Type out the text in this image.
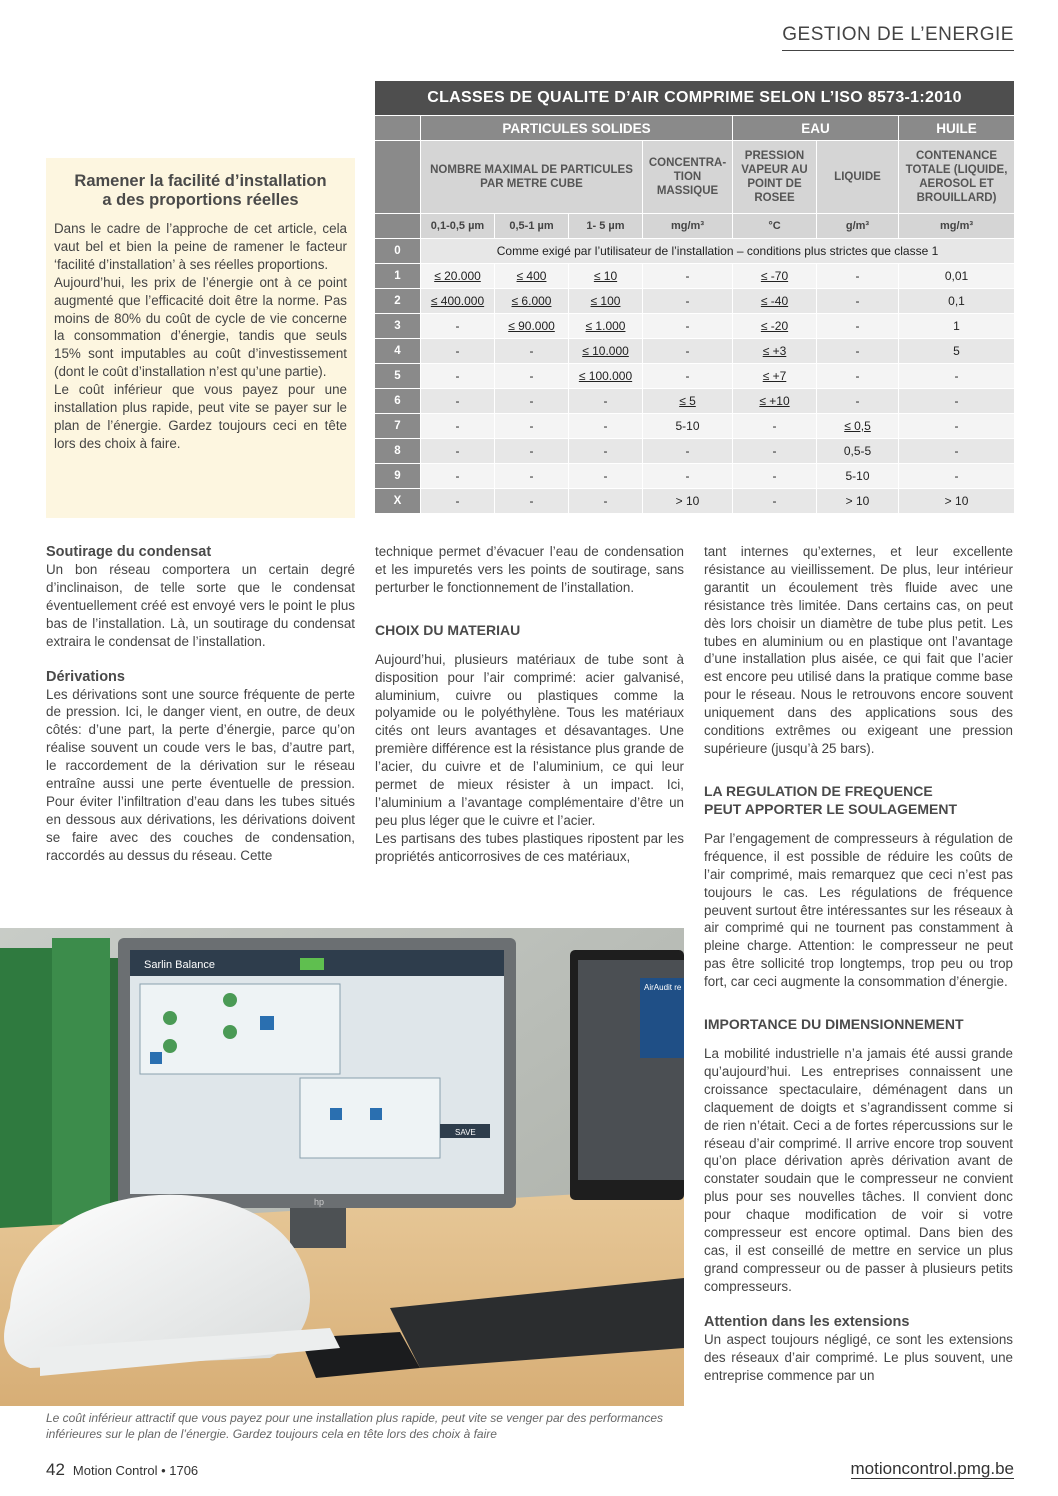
GESTION DE L’ENERGIE
Ramener la facilité d’installation
a des proportions réelles

Dans le cadre de l’approche de cet article, cela vaut bel et bien la peine de ramener le facteur ‘facilité d’installation’ à ses réelles proportions.

Aujourd’hui, les prix de l’énergie ont à ce point augmenté que l’efficacité doit être la norme. Pas moins de 80% du coût de cycle de vie concerne la consommation d’énergie, tandis que seuls 15% sont imputables au coût d’investissement (dont le coût d’installation n’est qu’une partie).

Le coût inférieur que vous payez pour une installation plus rapide, peut vite se payer sur le plan de l’énergie. Gardez toujours ceci en tête lors des choix à faire.

CLASSES DE QUALITE D’AIR COMPRIME SELON L’ISO 8573-1:2010							
	PARTICULES SOLIDES				EAU		HUILE
	NOMBRE MAXIMAL DE PARTICULES PAR METRE CUBE			CONCENTRA-TION MASSIQUE	PRESSION VAPEUR AU POINT DE ROSEE	LIQUIDE	CONTENANCE TOTALE (LIQUIDE, AEROSOL ET BROUILLARD)
	0,1-0,5 µm	0,5-1 µm	1- 5 µm	mg/m³	°C	g/m³	mg/m³
0	Comme exigé par l’utilisateur de l’installation – conditions plus strictes que classe 1						
1	≤ 20.000	≤ 400	≤ 10	-	≤ -70	-	0,01
2	≤ 400.000	≤ 6.000	≤ 100	-	≤ -40	-	0,1
3	-	≤ 90.000	≤ 1.000	-	≤ -20	-	1
4	-	-	≤ 10.000	-	≤ +3	-	5
5	-	-	≤ 100.000	-	≤ +7	-	-
6	-	-	-	≤ 5	≤ +10	-	-
7	-	-	-	5-10	-	≤ 0,5	-
8	-	-	-	-	-	0,5-5	-
9	-	-	-	-	-	5-10	-
X	-	-	-	> 10	-	> 10	> 10
Soutirage du condensat

Un bon réseau comportera un certain degré d’inclinaison, de telle sorte que le condensat éventuellement créé est envoyé vers le point le plus bas de l’installation. Là, un soutirage du condensat extraira le condensat de l’installation.

Dérivations

Les dérivations sont une source fréquente de perte de pression. Ici, le danger vient, en outre, de deux côtés: d’une part, la perte d’énergie, parce qu’on réalise souvent un coude vers le bas, d’autre part, le raccordement de la dérivation sur le réseau entraîne aussi une perte éventuelle de pression. Pour éviter l’infiltration d’eau dans les tubes situés en dessous aux dérivations, les dérivations doivent se faire avec des couches de condensation, raccordés au dessus du réseau. Cette

technique permet d’évacuer l’eau de condensation et les impuretés vers les points de soutirage, sans perturber le fonctionnement de l’installation.

CHOIX DU MATERIAU

Aujourd’hui, plusieurs matériaux de tube sont à disposition pour l’air comprimé: acier galvanisé, aluminium, cuivre ou plastiques comme la polyamide ou le polyéthylène. Tous les matériaux cités ont leurs avantages et désavantages. Une première différence est la résistance plus grande de l’acier, du cuivre et de l’aluminium, ce qui leur permet de mieux résister à un impact. Ici, l’aluminium a l’avantage complémentaire d’être un peu plus léger que le cuivre et l’acier.

Les partisans des tubes plastiques ripostent par les propriétés anticorrosives de ces matériaux,

tant internes qu’externes, et leur excellente résistance au vieillissement. De plus, leur intérieur garantit un écoulement très fluide avec une résistance très limitée. Dans certains cas, on peut dès lors choisir un diamètre de tube plus petit. Les tubes en aluminium ou en plastique ont l’avantage d’une installation plus aisée, ce qui fait que l’acier est encore peu utilisé dans la pratique comme base pour le réseau. Nous le retrouvons encore souvent uniquement dans des applications sous des conditions extrêmes ou exigeant une pression supérieure (jusqu’à 25 bars).

LA REGULATION DE FREQUENCE
PEUT APPORTER LE SOULAGEMENT

Par l’engagement de compresseurs à régulation de fréquence, il est possible de réduire les coûts de l’air comprimé, mais remarquez que ceci n’est pas toujours le cas. Les régulations de fréquence peuvent surtout être intéressantes sur les réseaux à air comprimé qui ne tournent pas constamment à pleine charge. Attention: le compresseur ne peut pas être sollicité trop longtemps, trop peu ou trop fort, car ceci augmente la consommation d’énergie.

IMPORTANCE DU DIMENSIONNEMENT

La mobilité industrielle n’a jamais été aussi grande qu’aujourd’hui. Les entreprises connaissent une croissance spectaculaire, déménagent dans un claquement de doigts et s’agrandissent comme si de rien n’était. Ceci a de fortes répercussions sur le réseau d’air comprimé. Il arrive encore trop souvent qu’on place dérivation après dérivation avant de constater soudain que le compresseur ne convient plus pour ses nouvelles tâches. Il convient donc pour chaque modification de voir si votre compresseur est encore optimal. Dans bien des cas, il est conseillé de mettre en service un plus grand compresseur ou de passer à plusieurs petits compresseurs.

Attention dans les extensions

Un aspect toujours négligé, ce sont les extensions des réseaux d’air comprimé. Le plus souvent, une entreprise commence par un

Sarlin Balance
SAVE
hp
AirAudit re
Le coût inférieur attractif que vous payez pour une installation plus rapide, peut vite se venger par des performances inférieures sur le plan de l’énergie. Gardez toujours cela en tête lors des choix à faire
42 Motion Control • 1706	motioncontrol.pmg.be
